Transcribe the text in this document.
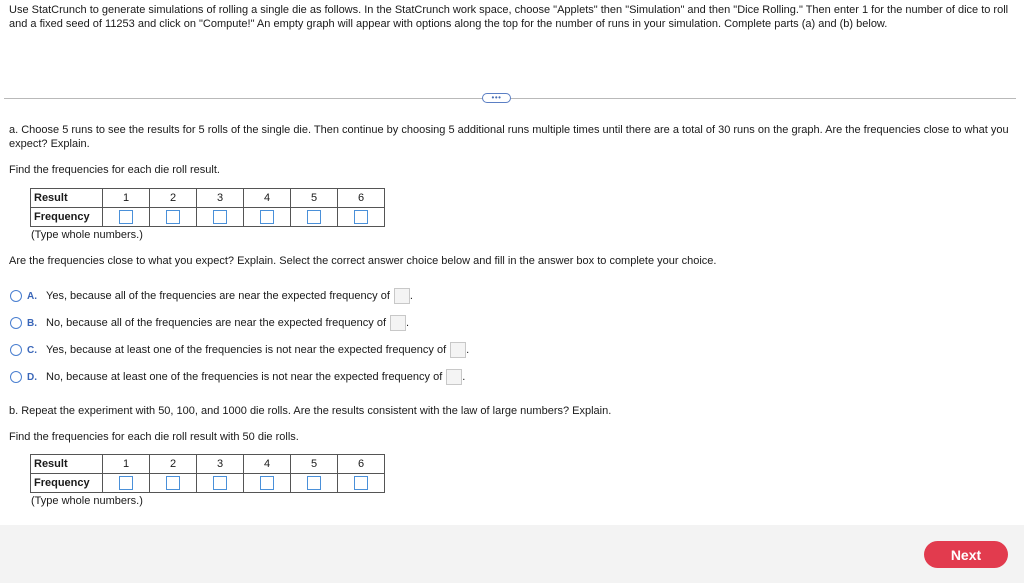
Use StatCrunch to generate simulations of rolling a single die as follows. In the StatCrunch work space, choose "Applets" then "Simulation" and then "Dice Rolling." Then enter 1 for the number of dice to roll and a fixed seed of 11253 and click on "Compute!" An empty graph will appear with options along the top for the number of runs in your simulation. Complete parts (a) and (b) below.
•••
a. Choose 5 runs to see the results for 5 rolls of the single die. Then continue by choosing 5 additional runs multiple times until there are a total of 30 runs on the graph. Are the frequencies close to what you expect? Explain.
Find the frequencies for each die roll result.
Result	1	2	3	4	5	6
Frequency						
(Type whole numbers.)
Are the frequencies close to what you expect? Explain. Select the correct answer choice below and fill in the answer box to complete your choice.
A. Yes, because all of the frequencies are near the expected frequency of .
B. No, because all of the frequencies are near the expected frequency of .
C. Yes, because at least one of the frequencies is not near the expected frequency of .
D. No, because at least one of the frequencies is not near the expected frequency of .
b. Repeat the experiment with 50, 100, and 1000 die rolls. Are the results consistent with the law of large numbers? Explain.
Find the frequencies for each die roll result with 50 die rolls.
Result	1	2	3	4	5	6
Frequency						
(Type whole numbers.)
Next
